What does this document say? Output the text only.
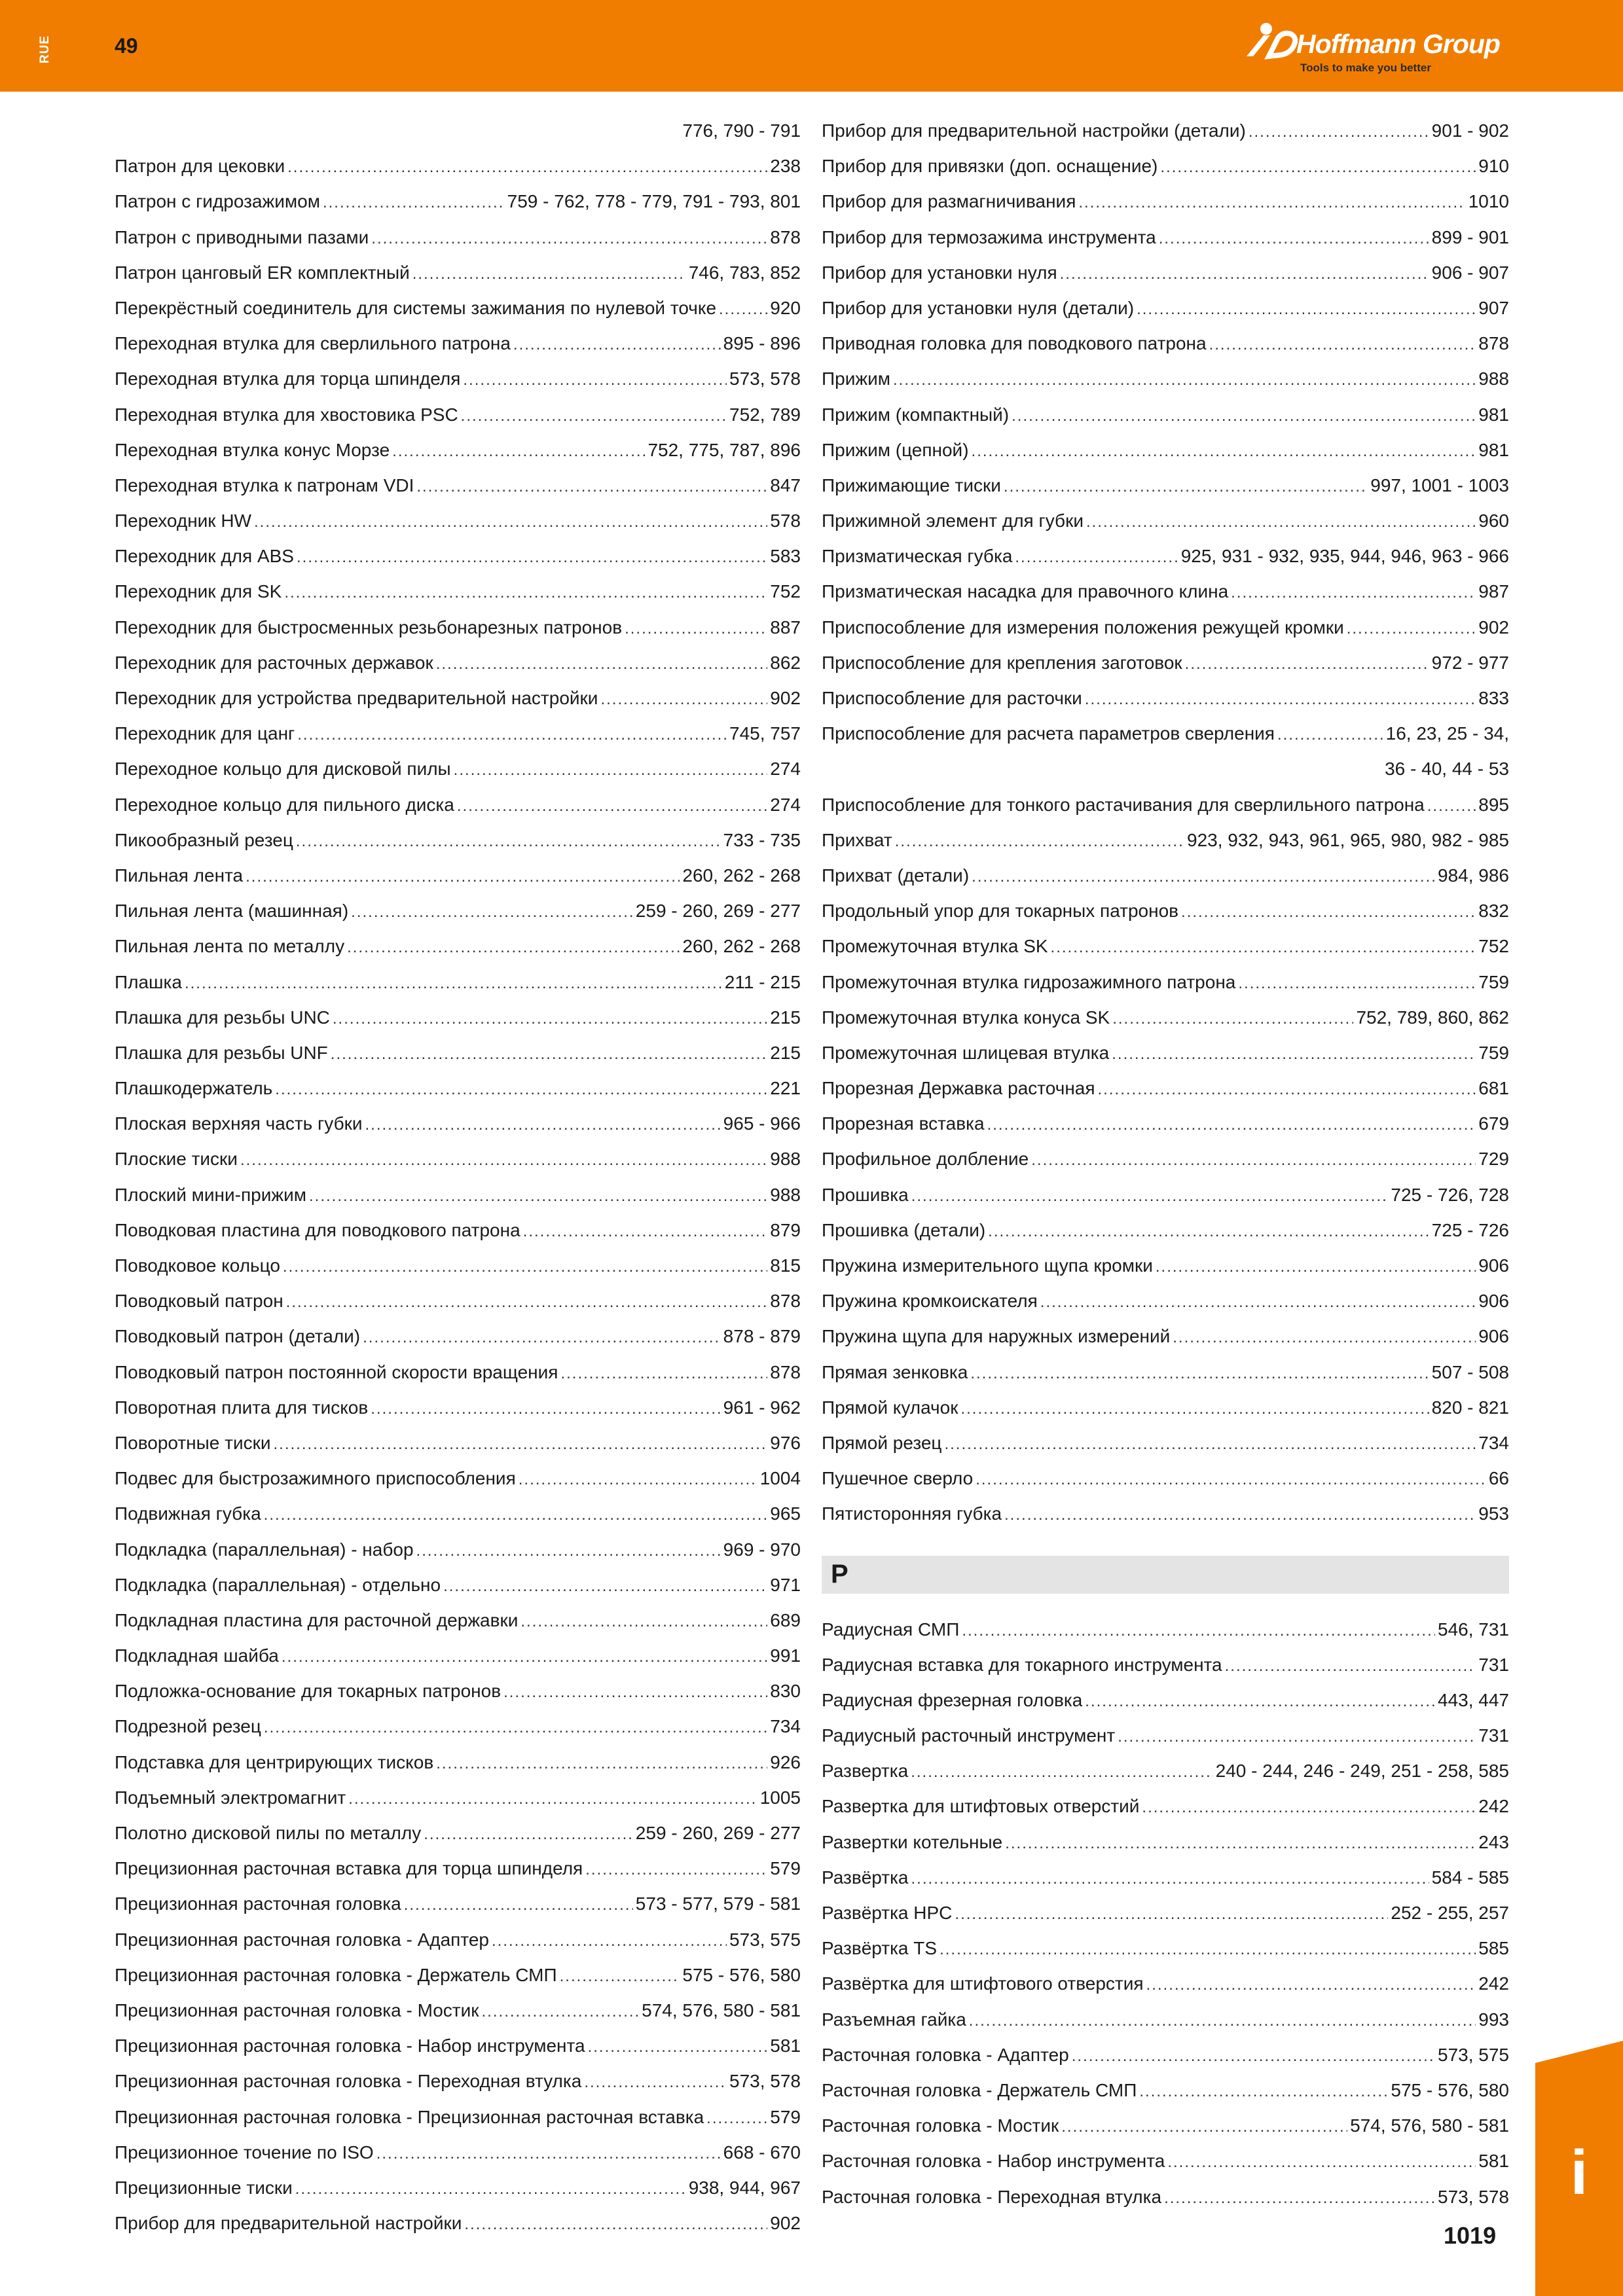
RUE	49	Hoffmann Group
Tools to make you better
776, 790 - 791
Патрон для цековки .....	238
Патрон с гидрозажимом .....	759 - 762, 778 - 779, 791 - 793, 801
Патрон с приводными пазами .....	878
Патрон цанговый ER комплектный .....	746, 783, 852
Перекрёстный соединитель для системы зажимания по нулевой точке .....	920
Переходная втулка для сверлильного патрона .....	895 - 896
Переходная втулка для торца шпинделя .....	573, 578
Переходная втулка для хвостовика PSC .....	752, 789
Переходная втулка конус Морзе .....	752, 775, 787, 896
Переходная втулка к патронам VDI .....	847
Переходник HW .....	578
Переходник для ABS .....	583
Переходник для SK .....	752
Переходник для быстросменных резьбонарезных патронов .....	887
Переходник для расточных державок .....	862
Переходник для устройства предварительной настройки .....	902
Переходник для цанг .....	745, 757
Переходное кольцо для дисковой пилы .....	274
Переходное кольцо для пильного диска .....	274
Пикообразный резец .....	733 - 735
Пильная лента .....	260, 262 - 268
Пильная лента (машинная) .....	259 - 260, 269 - 277
Пильная лента по металлу .....	260, 262 - 268
Плашка .....	211 - 215
Плашка для резьбы UNC .....	215
Плашка для резьбы UNF .....	215
Плашкодержатель .....	221
Плоская верхняя часть губки .....	965 - 966
Плоские тиски .....	988
Плоский мини-прижим .....	988
Поводковая пластина для поводкового патрона .....	879
Поводковое кольцо .....	815
Поводковый патрон .....	878
Поводковый патрон (детали) .....	878 - 879
Поводковый патрон постоянной скорости вращения .....	878
Поворотная плита для тисков .....	961 - 962
Поворотные тиски .....	976
Подвес для быстрозажимного приспособления .....	1004
Подвижная губка .....	965
Подкладка (параллельная) - набор .....	969 - 970
Подкладка (параллельная) - отдельно .....	971
Подкладная пластина для расточной державки .....	689
Подкладная шайба .....	991
Подложка-основание для токарных патронов .....	830
Подрезной резец .....	734
Подставка для центрирующих тисков .....	926
Подъемный электромагнит .....	1005
Полотно дисковой пилы по металлу .....	259 - 260, 269 - 277
Прецизионная расточная вставка для торца шпинделя .....	579
Прецизионная расточная головка .....	573 - 577, 579 - 581
Прецизионная расточная головка - Адаптер .....	573, 575
Прецизионная расточная головка - Держатель СМП .....	575 - 576, 580
Прецизионная расточная головка - Мостик .....	574, 576, 580 - 581
Прецизионная расточная головка - Набор инструмента .....	581
Прецизионная расточная головка - Переходная втулка .....	573, 578
Прецизионная расточная головка - Прецизионная расточная вставка .....	579
Прецизионное точение по ISO .....	668 - 670
Прецизионные тиски .....	938, 944, 967
Прибор для предварительной настройки .....	902
Прибор для предварительной настройки (детали) .....	901 - 902
Прибор для привязки (доп. оснащение) .....	910
Прибор для размагничивания .....	1010
Прибор для термозажима инструмента .....	899 - 901
Прибор для установки нуля .....	906 - 907
Прибор для установки нуля (детали) .....	907
Приводная головка для поводкового патрона .....	878
Прижим .....	988
Прижим (компактный) .....	981
Прижим (цепной) .....	981
Прижимающие тиски .....	997, 1001 - 1003
Прижимной элемент для губки .....	960
Призматическая губка .....	925, 931 - 932, 935, 944, 946, 963 - 966
Призматическая насадка для правочного клина .....	987
Приспособление для измерения положения режущей кромки .....	902
Приспособление для крепления заготовок .....	972 - 977
Приспособление для расточки .....	833
Приспособление для расчета параметров сверления .....	16, 23, 25 - 34,
36 - 40, 44 - 53
Приспособление для тонкого растачивания для сверлильного патрона .....	895
Прихват .....	923, 932, 943, 961, 965, 980, 982 - 985
Прихват (детали) .....	984, 986
Продольный упор для токарных патронов .....	832
Промежуточная втулка SK .....	752
Промежуточная втулка гидрозажимного патрона .....	759
Промежуточная втулка конуса SK .....	752, 789, 860, 862
Промежуточная шлицевая втулка .....	759
Прорезная Державка расточная .....	681
Прорезная вставка .....	679
Профильное долбление .....	729
Прошивка .....	725 - 726, 728
Прошивка (детали) .....	725 - 726
Пружина измерительного щупа кромки .....	906
Пружина кромкоискателя .....	906
Пружина щупа для наружных измерений .....	906
Прямая зенковка .....	507 - 508
Прямой кулачок .....	820 - 821
Прямой резец .....	734
Пушечное сверло .....	66
Пятисторонняя губка .....	953
Р
Радиусная СМП .....	546, 731
Радиусная вставка для токарного инструмента .....	731
Радиусная фрезерная головка .....	443, 447
Радиусный расточный инструмент .....	731
Развертка .....	240 - 244, 246 - 249, 251 - 258, 585
Развертка для штифтовых отверстий .....	242
Развертки котельные .....	243
Развёртка .....	584 - 585
Развёртка HPC .....	252 - 255, 257
Развёртка TS .....	585
Развёртка для штифтового отверстия .....	242
Разъемная гайка .....	993
Расточная головка - Адаптер .....	573, 575
Расточная головка - Держатель СМП .....	575 - 576, 580
Расточная головка - Мостик .....	574, 576, 580 - 581
Расточная головка - Набор инструмента .....	581
Расточная головка - Переходная втулка .....	573, 578 i
1019
